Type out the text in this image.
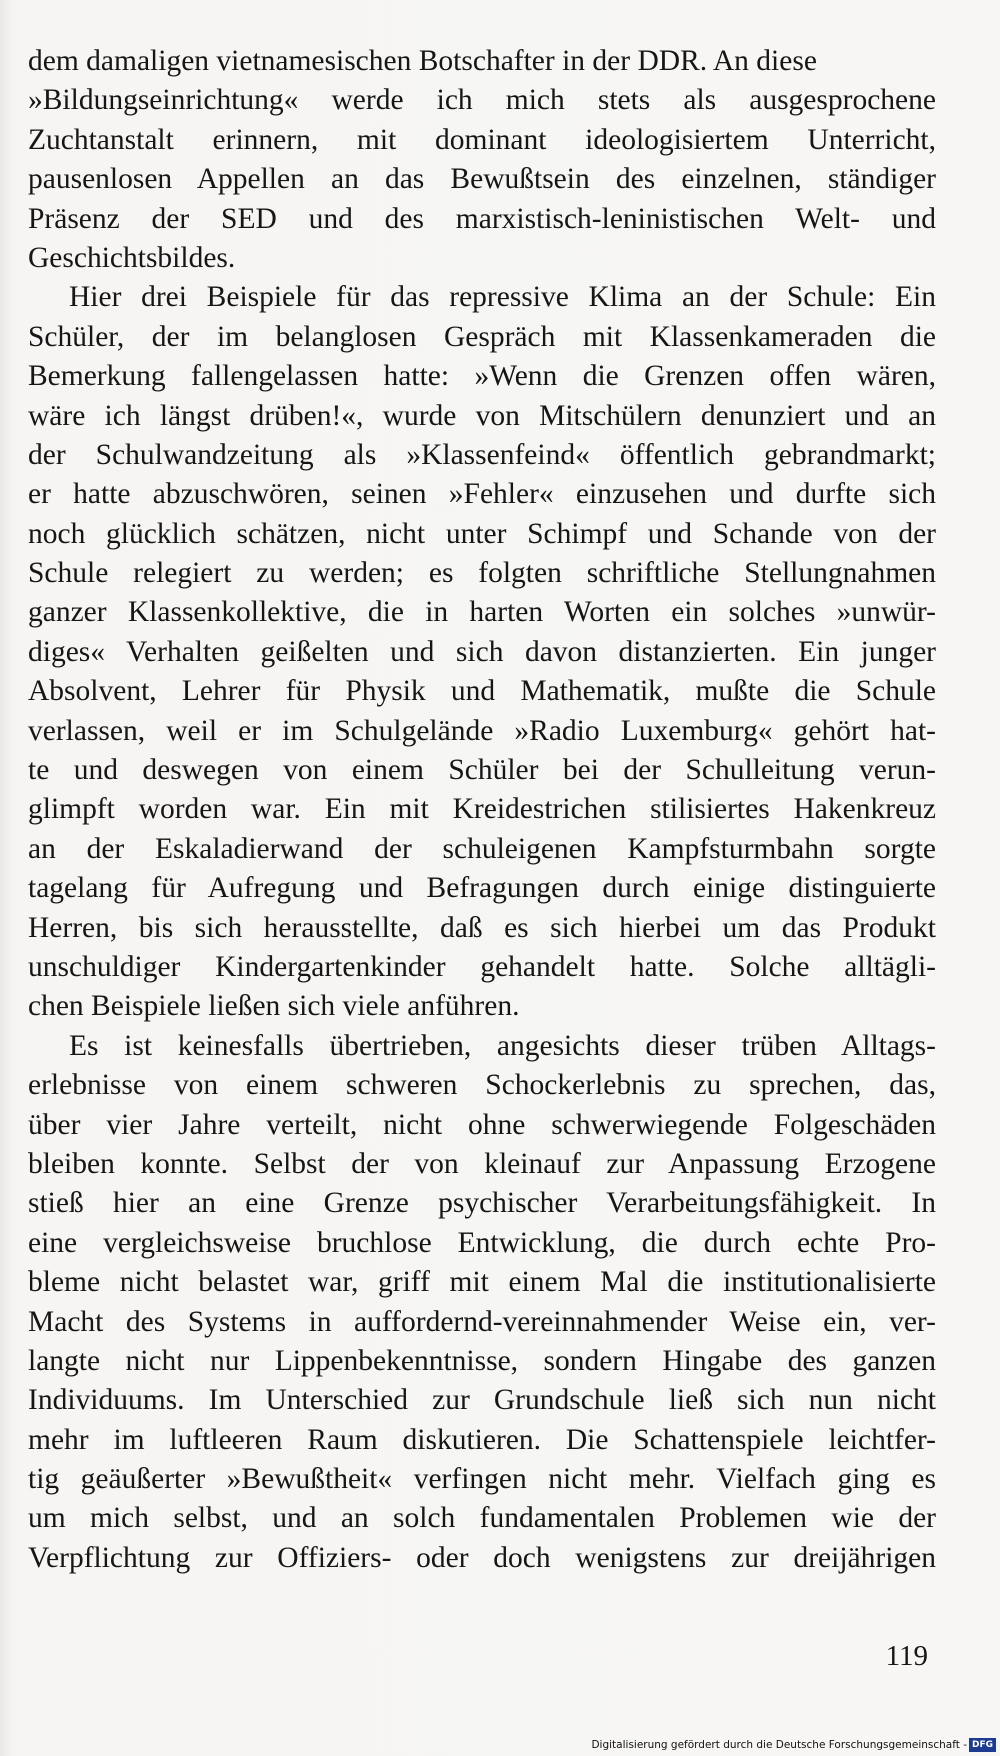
dem damaligen vietnamesischen Botschafter in der DDR. An diese
»Bildungseinrichtung« werde ich mich stets als ausgesprochene
Zuchtanstalt erinnern, mit dominant ideologisiertem Unterricht,
pausenlosen Appellen an das Bewußtsein des einzelnen, ständiger
Präsenz der SED und des marxistisch-leninistischen Welt- und
Geschichtsbildes.
Hier drei Beispiele für das repressive Klima an der Schule: Ein
Schüler, der im belanglosen Gespräch mit Klassenkameraden die
Bemerkung fallengelassen hatte: »Wenn die Grenzen offen wären,
wäre ich längst drüben!«, wurde von Mitschülern denunziert und an
der Schulwandzeitung als »Klassenfeind« öffentlich gebrandmarkt;
er hatte abzuschwören, seinen »Fehler« einzusehen und durfte sich
noch glücklich schätzen, nicht unter Schimpf und Schande von der
Schule relegiert zu werden; es folgten schriftliche Stellungnahmen
ganzer Klassenkollektive, die in harten Worten ein solches »unwür-
diges« Verhalten geißelten und sich davon distanzierten. Ein junger
Absolvent, Lehrer für Physik und Mathematik, mußte die Schule
verlassen, weil er im Schulgelände »Radio Luxemburg« gehört hat-
te und deswegen von einem Schüler bei der Schulleitung verun-
glimpft worden war. Ein mit Kreidestrichen stilisiertes Hakenkreuz
an der Eskaladierwand der schuleigenen Kampfsturmbahn sorgte
tagelang für Aufregung und Befragungen durch einige distinguierte
Herren, bis sich herausstellte, daß es sich hierbei um das Produkt
unschuldiger Kindergartenkinder gehandelt hatte. Solche alltägli-
chen Beispiele ließen sich viele anführen.
Es ist keinesfalls übertrieben, angesichts dieser trüben Alltags-
erlebnisse von einem schweren Schockerlebnis zu sprechen, das,
über vier Jahre verteilt, nicht ohne schwerwiegende Folgeschäden
bleiben konnte. Selbst der von kleinauf zur Anpassung Erzogene
stieß hier an eine Grenze psychischer Verarbeitungsfähigkeit. In
eine vergleichsweise bruchlose Entwicklung, die durch echte Pro-
bleme nicht belastet war, griff mit einem Mal die institutionalisierte
Macht des Systems in auffordernd-vereinnahmender Weise ein, ver-
langte nicht nur Lippenbekenntnisse, sondern Hingabe des ganzen
Individuums. Im Unterschied zur Grundschule ließ sich nun nicht
mehr im luftleeren Raum diskutieren. Die Schattenspiele leichtfer-
tig geäußerter »Bewußtheit« verfingen nicht mehr. Vielfach ging es
um mich selbst, und an solch fundamentalen Problemen wie der
Verpflichtung zur Offiziers- oder doch wenigstens zur dreijährigen
119
Digitalisierung gefördert durch die Deutsche Forschungsgemeinschaft - DFG
